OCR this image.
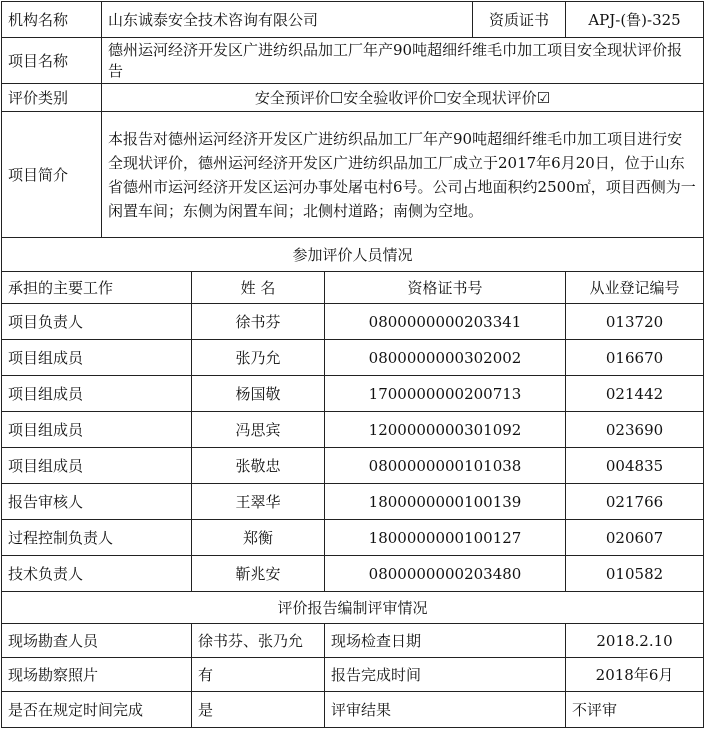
机构名称	山东诚泰安全技术咨询有限公司			资质证书	APJ-(鲁)-325
项目名称	德州运河经济开发区广进纺织品加工厂年产90吨超细纤维毛巾加工项目安全现状评价报告				
评价类别	安全预评价☐安全验收评价☐安全现状评价☑				
项目简介	本报告对德州运河经济开发区广进纺织品加工厂年产90吨超细纤维毛巾加工项目进行安全现状评价，德州运河经济开发区广进纺织品加工厂成立于2017年6月20日，位于山东省德州市运河经济开发区运河办事处屠屯村6号。公司占地面积约2500㎡，项目西侧为一闲置车间；东侧为闲置车间；北侧村道路；南侧为空地。				
参加评价人员情况					
承担的主要工作		姓 名	资格证书号		从业登记编号
项目负责人		徐书芬	0800000000203341		013720
项目组成员		张乃允	0800000000302002		016670
项目组成员		杨国敬	1700000000200713		021442
项目组成员		冯思宾	1200000000301092		023690
项目组成员		张敬忠	0800000000101038		004835
报告审核人		王翠华	1800000000100139		021766
过程控制负责人		郑衡	1800000000100127		020607
技术负责人		靳兆安	0800000000203480		010582
评价报告编制评审情况					
现场勘查人员		徐书芬、张乃允	现场检查日期		2018.2.10
现场勘察照片		有	报告完成时间		2018年6月
是否在规定时间完成		是	评审结果		不评审
